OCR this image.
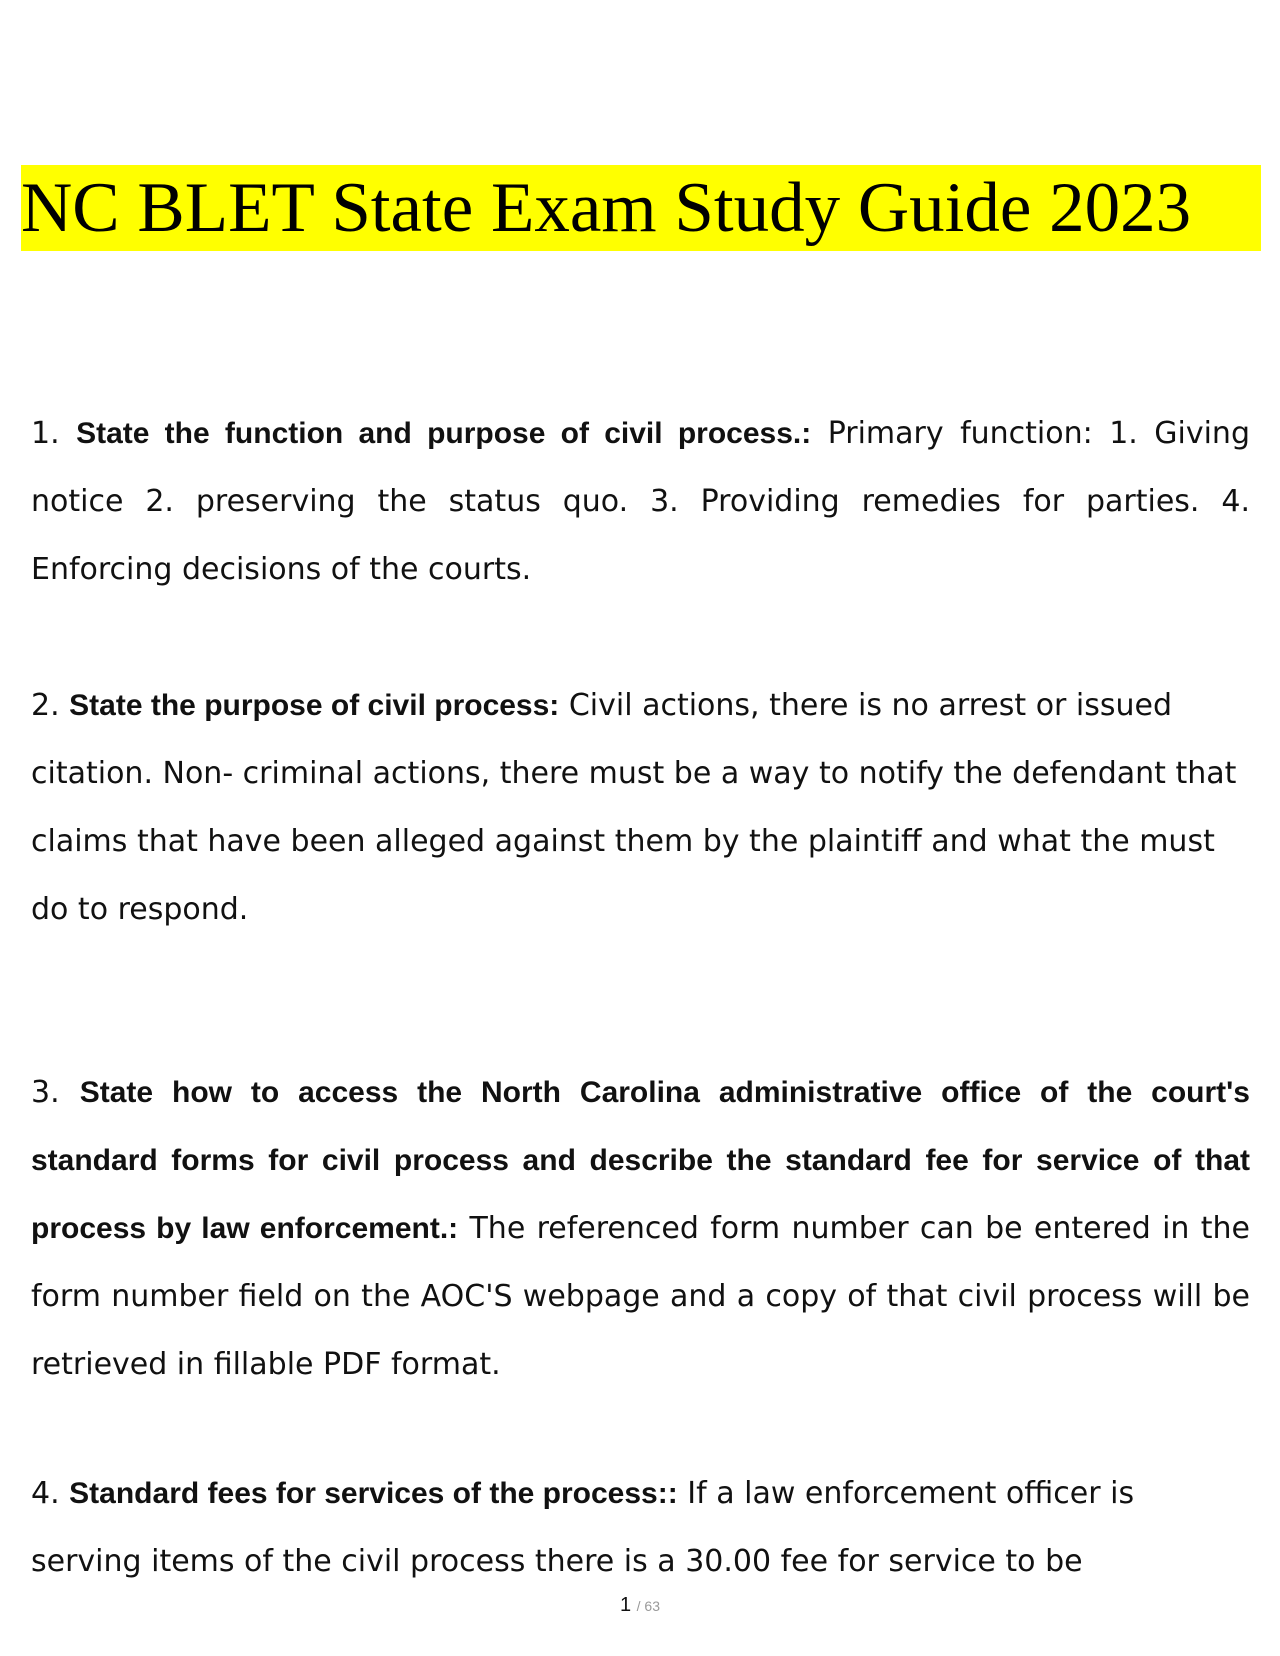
NC BLET State Exam Study Guide 2023

1. State the function and purpose of civil process.: Primary function: 1. Giving notice 2. preserving the status quo. 3. Providing remedies for parties. 4. Enforcing decisions of the courts.

2. State the purpose of civil process: Civil actions, there is no arrest or issued citation. Non- criminal actions, there must be a way to notify the defendant that claims that have been alleged against them by the plaintiff and what the must do to respond.

3. State how to access the North Carolina administrative office of the court's standard forms for civil process and describe the standard fee for service of that process by law enforcement.: The referenced form number can be entered in the form number field on the AOC'S webpage and a copy of that civil process will be retrieved in fillable PDF format.

4. Standard fees for services of the process:: If a law enforcement officer is serving items of the civil process there is a 30.00 fee for service to be

1 / 63
